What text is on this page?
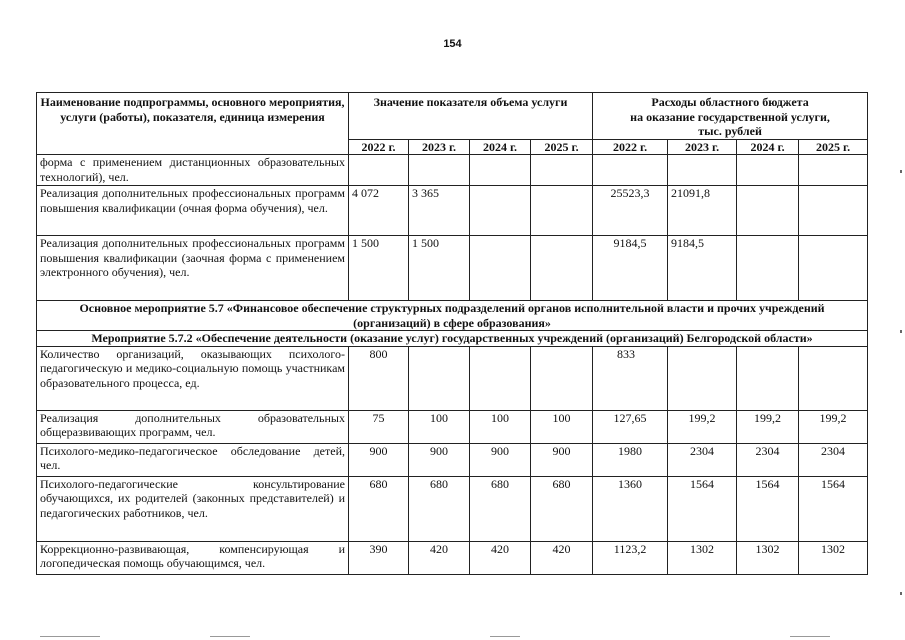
154
Наименование подпрограммы, основного мероприятия, услуги (работы), показателя, единица измерения	Значение показателя объема услуги				Расходы областного бюджета
на оказание государственной услуги,
тыс. рублей			
	2022 г.	2023 г.	2024 г.	2025 г.	2022 г.	2023 г.	2024 г.	2025 г.
форма с применением дистанционных образовательных технологий), чел.								
Реализация дополнительных профессиональных программ повышения квалификации (очная форма обучения), чел.	4 072	3 365			25523,3	21091,8		
Реализация дополнительных профессиональных программ повышения квалификации (заочная форма с применением электронного обучения), чел.	1 500	1 500			9184,5	9184,5		
Основное мероприятие 5.7 «Финансовое обеспечение структурных подразделений органов исполнительной власти и прочих учреждений (организаций) в сфере образования»								
Мероприятие 5.7.2 «Обеспечение деятельности (оказание услуг) государственных учреждений (организаций) Белгородской области»								
Количество организаций, оказывающих психолого-педагогическую и медико-социальную помощь участникам образовательного процесса, ед.	800				833			
Реализация дополнительных образовательных общеразвивающих программ, чел.	75	100	100	100	127,65	199,2	199,2	199,2
Психолого-медико-педагогическое обследование детей, чел.	900	900	900	900	1980	2304	2304	2304
Психолого-педагогические консультирование обучающихся, их родителей (законных представителей) и педагогических работников, чел.	680	680	680	680	1360	1564	1564	1564
Коррекционно-развивающая, компенсирующая и логопедическая помощь обучающимся, чел.	390	420	420	420	1123,2	1302	1302	1302
